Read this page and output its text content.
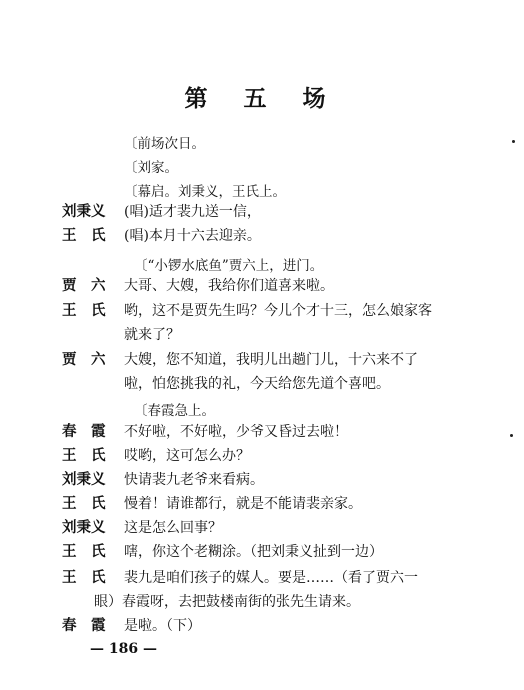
第 五 场
〔前场次日。
〔刘家。
〔幕启。刘秉义，王氏上。
刘秉义 (唱)适才裴九送一信，
王　氏 (唱)本月十六去迎亲。
〔“小锣水底鱼”贾六上，进门。
贾　六 大哥、大嫂，我给你们道喜来啦。
王　氏 哟，这不是贾先生吗？今儿个才十三，怎么娘家客
就来了？
贾　六 大嫂，您不知道，我明儿出趟门儿，十六来不了
啦，怕您挑我的礼，今天给您先道个喜吧。
〔春霞急上。
春　霞 不好啦，不好啦，少爷又昏过去啦！
王　氏 哎哟，这可怎么办？
刘秉义 快请裴九老爷来看病。
王　氏 慢着！请谁都行，就是不能请裴亲家。
刘秉义 这是怎么回事？
王　氏 嗐，你这个老糊涂。（把刘秉义扯到一边）
王　氏 裴九是咱们孩子的媒人。要是……（看了贾六一
眼）春霞呀，去把鼓楼南街的张先生请来。
春　霞 是啦。（下）
— 186 —
